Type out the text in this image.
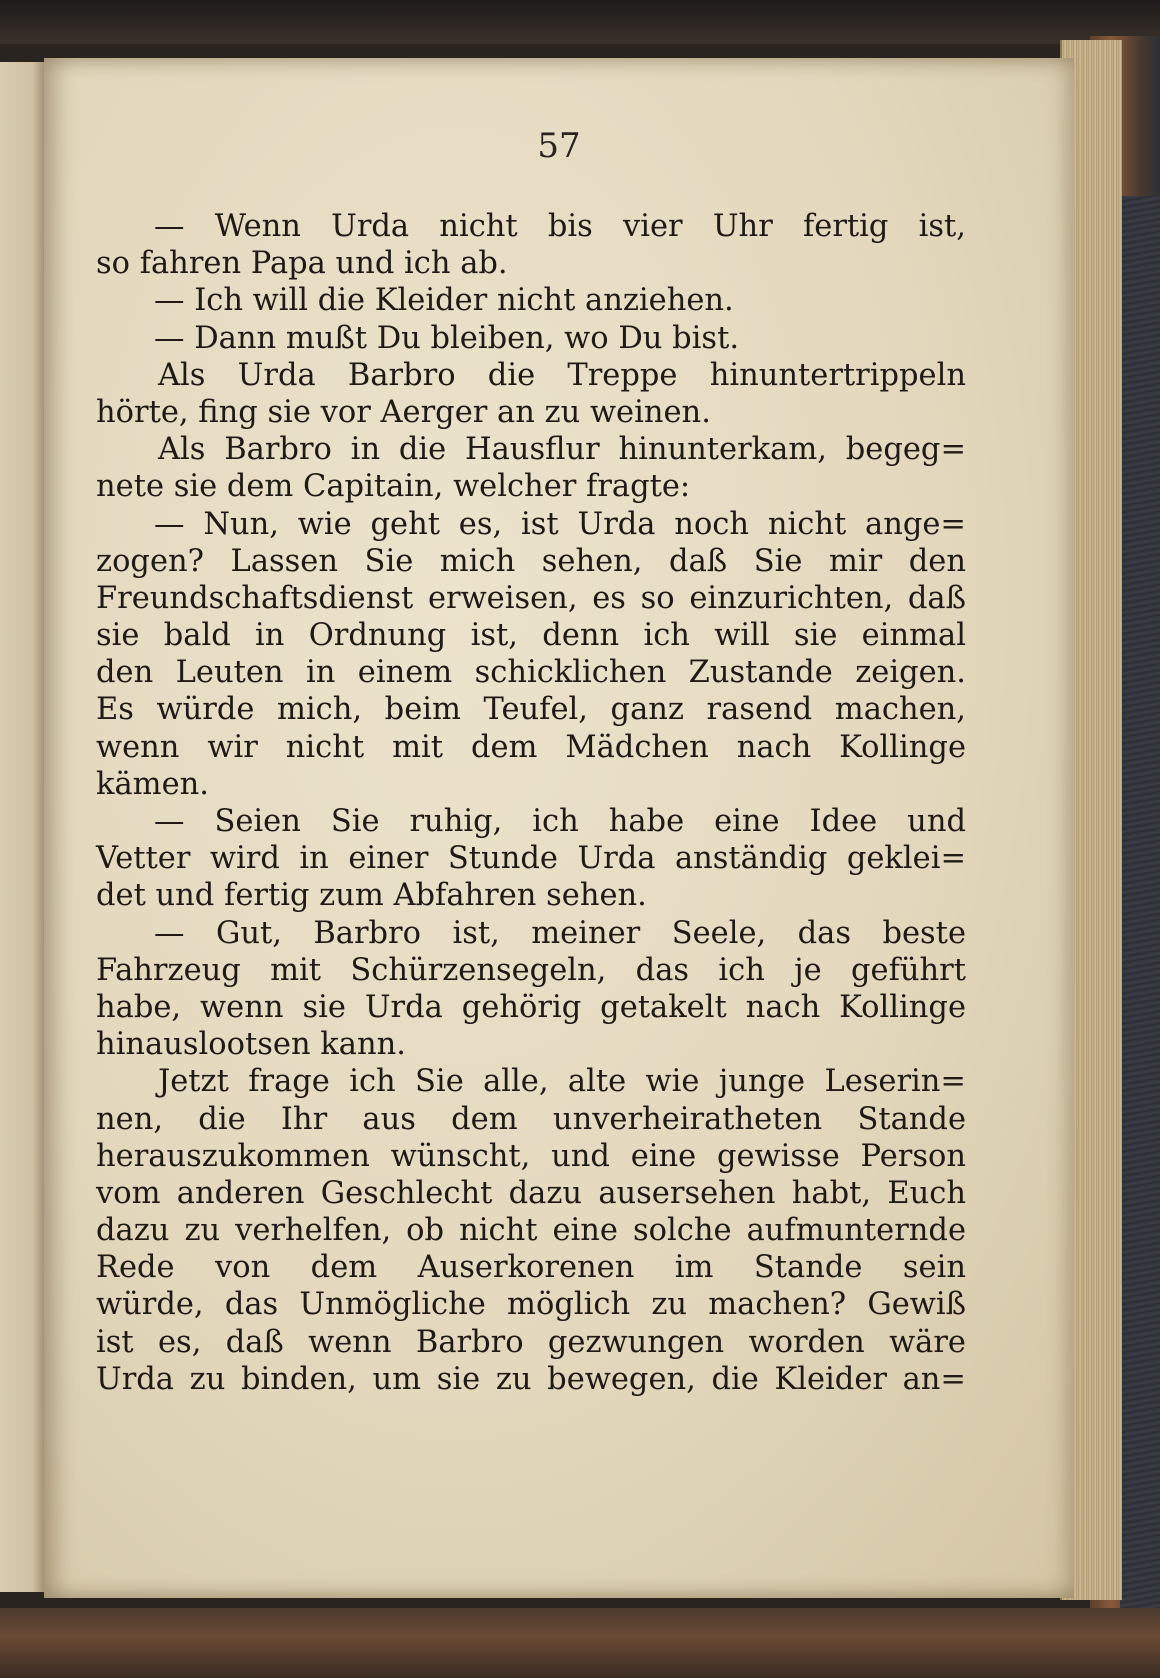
57
— Wenn Urda nicht bis vier Uhr fertig ist,
so fahren Papa und ich ab.
— Ich will die Kleider nicht anziehen.
— Dann mußt Du bleiben, wo Du bist.
Als Urda Barbro die Treppe hinuntertrippeln
hörte, fing sie vor Aerger an zu weinen.
Als Barbro in die Hausflur hinunterkam, begeg=
nete sie dem Capitain, welcher fragte:
— Nun, wie geht es, ist Urda noch nicht ange=
zogen? Lassen Sie mich sehen, daß Sie mir den
Freundschaftsdienst erweisen, es so einzurichten, daß
sie bald in Ordnung ist, denn ich will sie einmal
den Leuten in einem schicklichen Zustande zeigen.
Es würde mich, beim Teufel, ganz rasend machen,
wenn wir nicht mit dem Mädchen nach Kollinge
kämen.
— Seien Sie ruhig, ich habe eine Idee und
Vetter wird in einer Stunde Urda anständig geklei=
det und fertig zum Abfahren sehen.
— Gut, Barbro ist, meiner Seele, das beste
Fahrzeug mit Schürzensegeln, das ich je geführt
habe, wenn sie Urda gehörig getakelt nach Kollinge
hinauslootsen kann.
Jetzt frage ich Sie alle, alte wie junge Leserin=
nen, die Ihr aus dem unverheiratheten Stande
herauszukommen wünscht, und eine gewisse Person
vom anderen Geschlecht dazu ausersehen habt, Euch
dazu zu verhelfen, ob nicht eine solche aufmunternde
Rede von dem Auserkorenen im Stande sein
würde, das Unmögliche möglich zu machen? Gewiß
ist es, daß wenn Barbro gezwungen worden wäre
Urda zu binden, um sie zu bewegen, die Kleider an=
